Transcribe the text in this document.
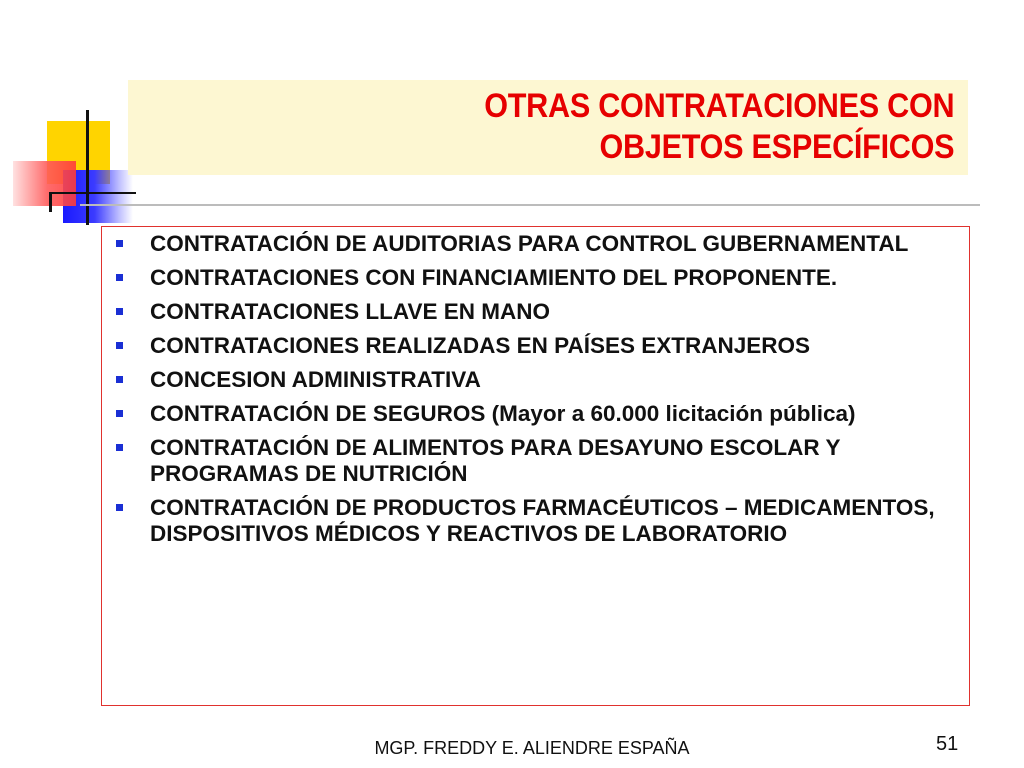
OTRAS CONTRATACIONES CON
OBJETOS ESPECÍFICOS
CONTRATACIÓN DE AUDITORIAS PARA CONTROL GUBERNAMENTAL
CONTRATACIONES CON FINANCIAMIENTO DEL PROPONENTE.
CONTRATACIONES LLAVE EN MANO
CONTRATACIONES REALIZADAS EN PAÍSES EXTRANJEROS
CONCESION ADMINISTRATIVA
CONTRATACIÓN DE SEGUROS (Mayor a 60.000 licitación pública)
CONTRATACIÓN DE ALIMENTOS PARA DESAYUNO ESCOLAR Y PROGRAMAS DE NUTRICIÓN
CONTRATACIÓN DE PRODUCTOS FARMACÉUTICOS – MEDICAMENTOS, DISPOSITIVOS MÉDICOS Y REACTIVOS DE LABORATORIO
MGP. FREDDY E. ALIENDRE ESPAÑA	51
